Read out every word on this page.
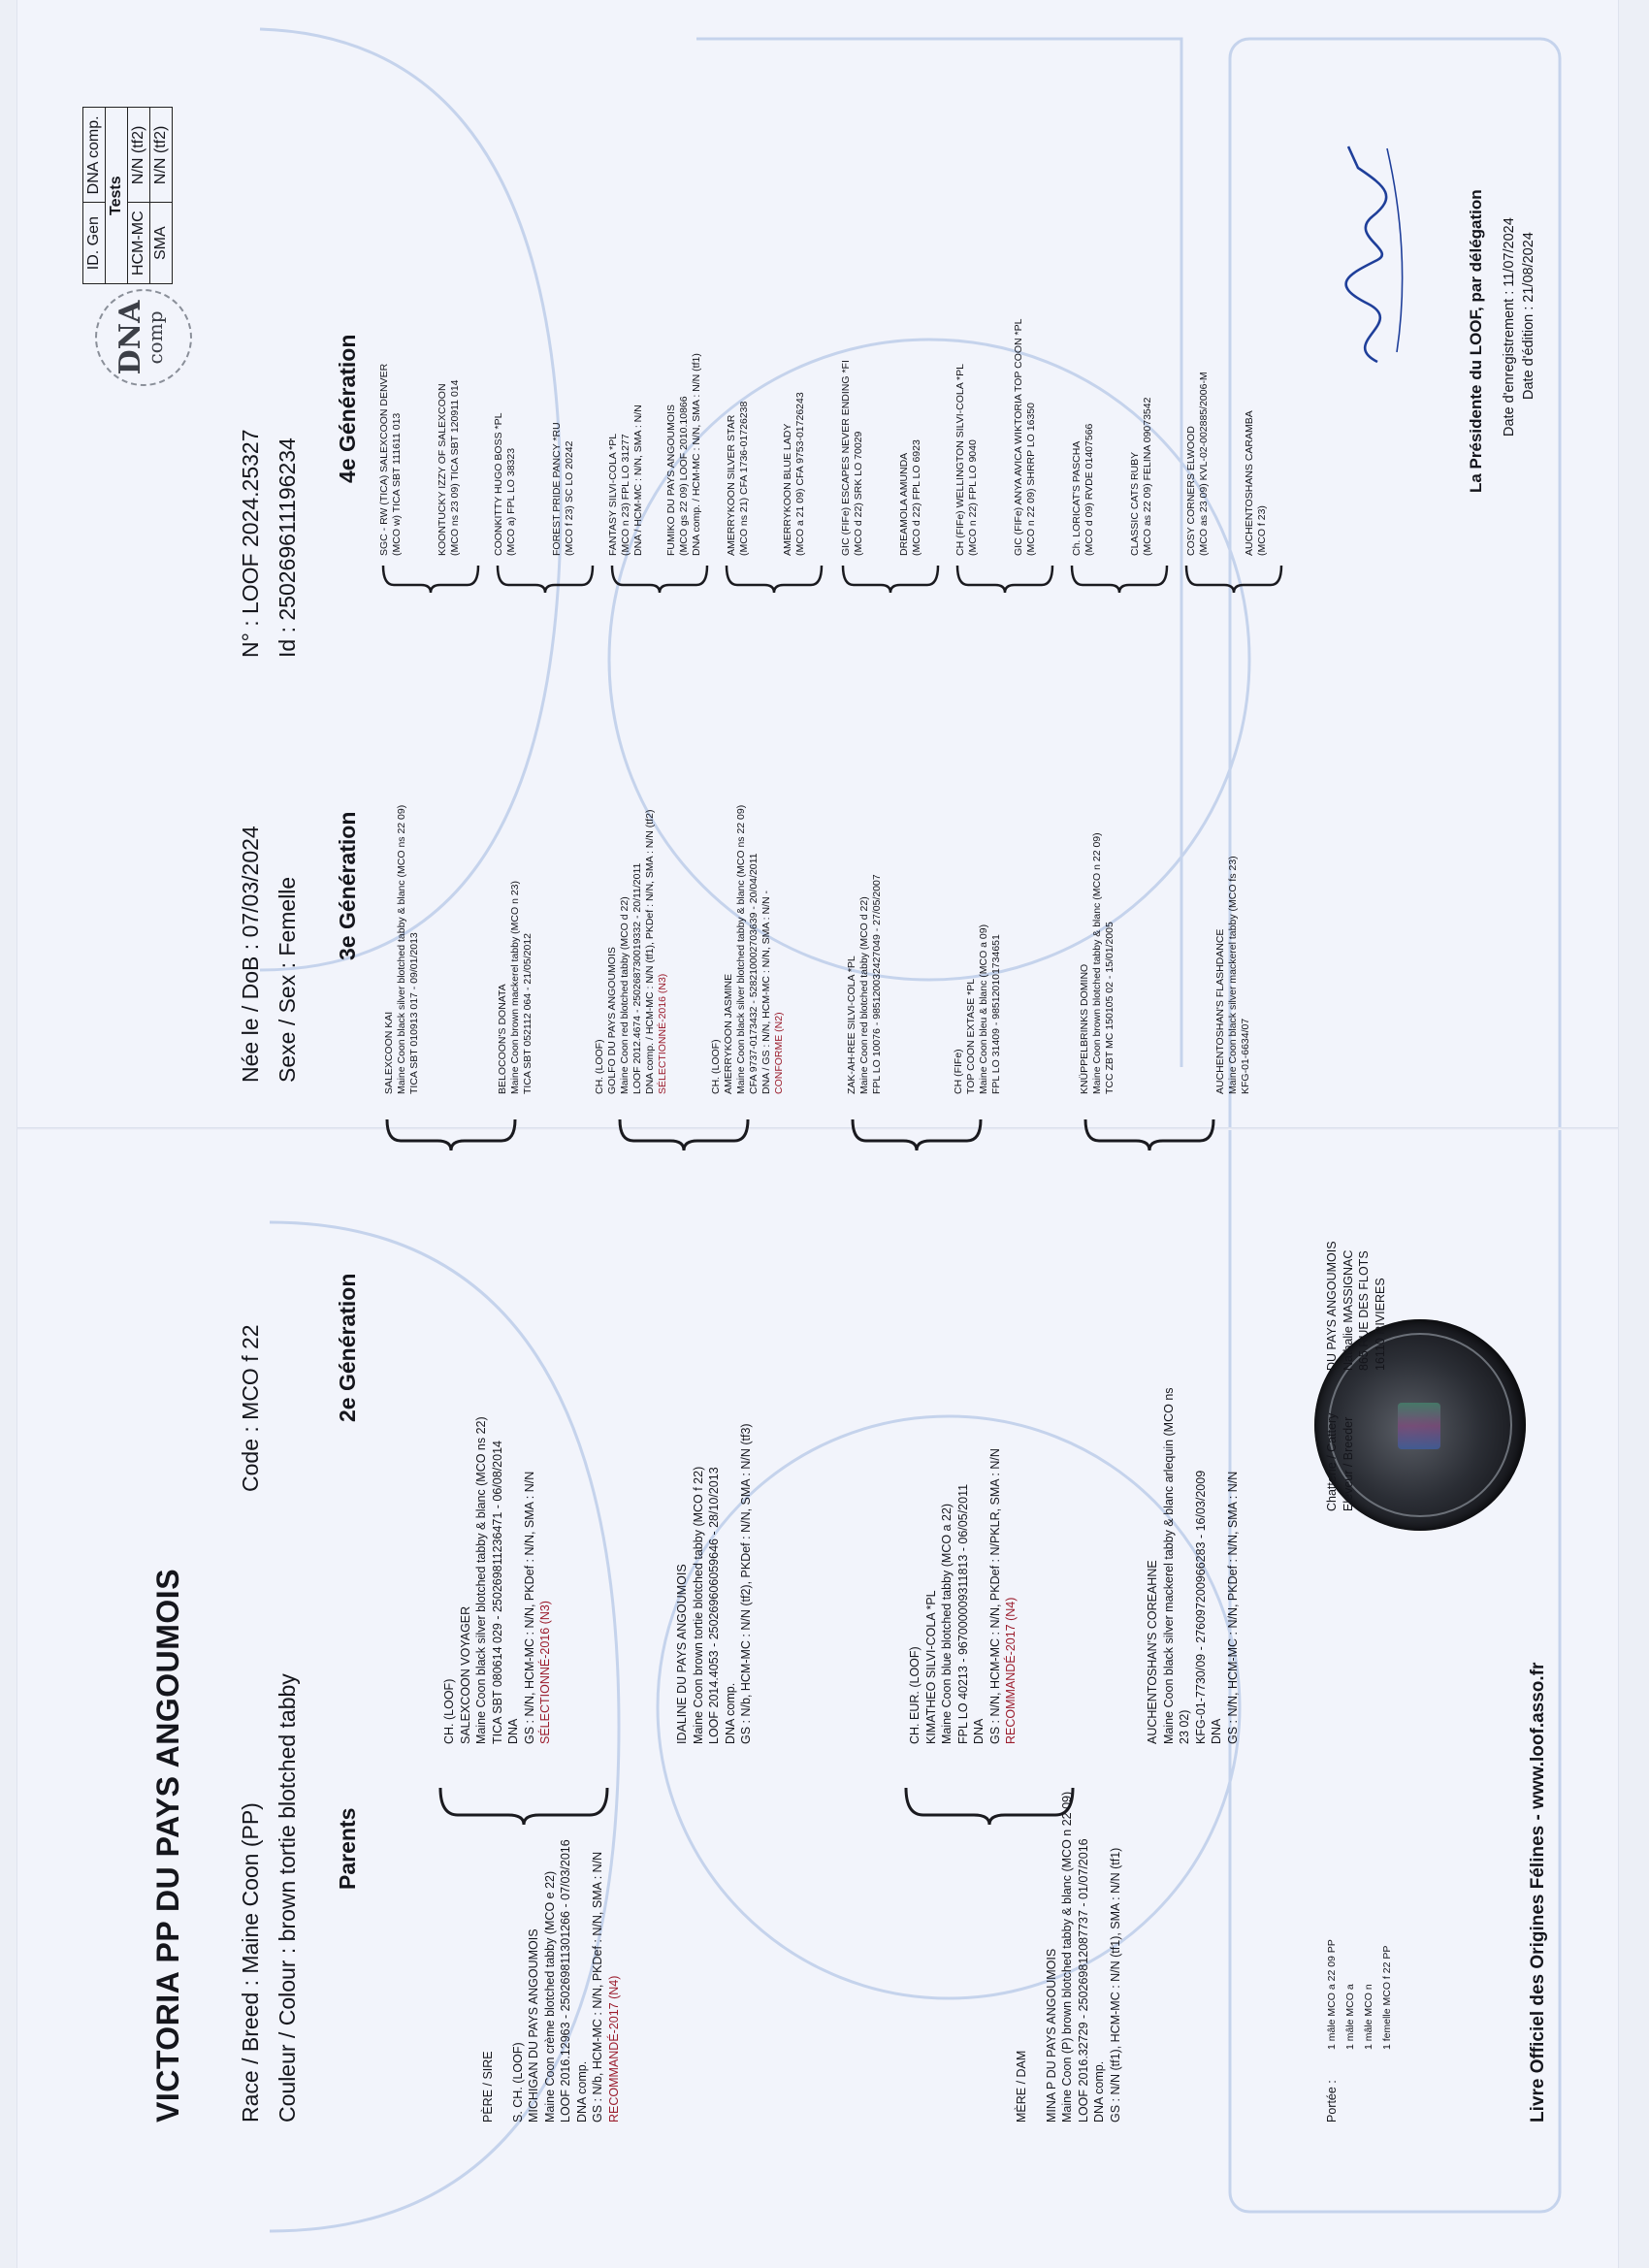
VICTORIA PP DU PAYS ANGOUMOIS Race / Breed : Maine Coon (PP)
Couleur / Colour : brown tortie blotched tabby
Code : MCO f 22
Née le / DoB : 07/03/2024
Sexe / Sex : Femelle
N° : LOOF 2024.25327
Id : 250269611196234
Parents
2e Génération
3e Génération
4e Génération
PÈRE / SIRE S. CH. (LOOF) MICHIGAN DU PAYS ANGOUMOIS Maine Coon crème blotched tabby (MCO e 22) LOOF 2016.12963 - 250269811301266 - 07/03/2016 DNA comp. GS : N/b, HCM-MC : N/N, PKDef : N/N, SMA : N/N RECOMMANDÉ-2017 (N4)	MÈRE / DAM MINA P DU PAYS ANGOUMOIS Maine Coon (P) brown blotched tabby & blanc (MCO n 22 09) LOOF 2016.32729 - 250269812087737 - 01/07/2016 DNA comp. GS : N/N (tf1), HCM-MC : N/N (tf1), SMA : N/N (tf1)
CH. (LOOF) SALEXCOON VOYAGER Maine Coon black silver blotched tabby & blanc (MCO ns 22) TICA SBT 080614 029 - 250269811236471 - 06/08/2014 DNA GS : N/N, HCM-MC : N/N, PKDef : N/N, SMA : N/N SÉLECTIONNÉ-2016 (N3)	IDALINE DU PAYS ANGOUMOIS Maine Coon brown tortie blotched tabby (MCO f 22) LOOF 2014.4053 - 250269606059646 - 28/10/2013 DNA comp. GS : N/b, HCM-MC : N/N (tf2), PKDef : N/N, SMA : N/N (tf3)	CH. EUR. (LOOF) KIMATHEO SILVI-COLA *PL Maine Coon blue blotched tabby (MCO a 22) FPL LO 40213 - 967000009311813 - 06/05/2011 DNA GS : N/N, HCM-MC : N/N, PKDef : N/PKLR, SMA : N/N RECOMMANDÉ-2017 (N4)	AUCHENTOSHAN'S COREAHNE Maine Coon black silver mackerel tabby & blanc arlequin (MCO ns 23 02) KFG-01-7730/09 - 276097200966283 - 16/03/2009 DNA GS : N/N, HCM-MC : N/N, PKDef : N/N, SMA : N/N
SALEXCOON KAI Maine Coon black silver blotched tabby & blanc (MCO ns 22 09) TICA SBT 010913 017 - 09/01/2013	BELOCOON'S DONATA Maine Coon brown mackerel tabby (MCO n 23) TICA SBT 052112 064 - 21/05/2012	CH. (LOOF) GOLFO DU PAYS ANGOUMOIS Maine Coon red blotched tabby (MCO d 22) LOOF 2012.4674 - 250268730019332 - 20/11/2011 DNA comp. / HCM-MC : N/N (tf1), PKDef : N/N, SMA : N/N (tf2) SÉLECTIONNÉ-2016 (N3)	CH. (LOOF) AMERRYKOON JASMINE Maine Coon black silver blotched tabby & blanc (MCO ns 22 09) CFA 9737-0173432 - 528210002703639 - 20/04/2011 DNA / GS : N/N, HCM-MC : N/N, SMA : N/N - CONFORME (N2)	ZAK-AH-REE SILVI-COLA *PL Maine Coon red blotched tabby (MCO d 22) FPL LO 10076 - 985120032427049 - 27/05/2007	CH (FIFe) TOP COON EXTASE *PL Maine Coon bleu & blanc (MCO a 09) FPL LO 31409 - 985120101734651	KNÜPPELBRINKS DOMINO Maine Coon brown blotched tabby & blanc (MCO n 22 09) TCC ZBT MC 150105 02 - 15/01/2005	AUCHENTOSHAN'S FLASHDANCE Maine Coon black silver mackerel tabby (MCO fs 23) KFG-01-6634/07
SGC - RW (TICA) SALEXCOON DENVER (MCO w) TICA SBT 111611 013	KOONTUCKY IZZY OF SALEXCOON (MCO ns 23 09) TICA SBT 120911 014	COONKITTY HUGO BOSS *PL (MCO a) FPL LO 38323	FOREST PRIDE PANCY *RU (MCO f 23) SC LO 20242	FANTASY SILVI-COLA *PL (MCO n 23) FPL LO 31277 DNA / HCM-MC : N/N, SMA : N/N FUMIKO DU PAYS ANGOUMOIS (MCO gs 22 09) LOOF 2010.10866 DNA comp. / HCM-MC : N/N, SMA : N/N (tf1) AMERRYKOON SILVER STAR (MCO ns 21) CFA 1736-01726238	AMERRYKOON BLUE LADY (MCO a 21 09) CFA 9753-01726243	GIC (FIFe) ESCAPES NEVER ENDING *FI (MCO d 22) SRK LO 70029	DREAMOLA AMUNDA (MCO d 22) FPL LO 6923	CH (FIFe) WELLINGTON SILVI-COLA *PL (MCO n 22) FPL LO 9040	GIC (FIFe) ANYA AVICA WIKTORIA TOP COON *PL (MCO n 22 09) SHRRP LO 16350	Ch. LORICAT'S PASCHA (MCO d 09) RVDE 01407566	CLASSIC CATS RUBY (MCO as 22 09) FELINA 09073542	COSY CORNERS ELWOOD (MCO as 23 09) KVL-02-002885/2006-M	AUCHENTOSHANS CARAMBA (MCO f 23)
DNA
comp
ID. Gen	DNA comp.
Tests	
HCM-MC	N/N (tf2)
SMA	N/N (tf2)
Chatterie / Cattery Eleveur / Breeder
DU PAYS ANGOUMOIS Nathalie MASSIGNAC 865 RUE DES FLOTS 16110 RIVIERES
Portée :
1 mâle MCO a 22 09 PP 1 mâle MCO a 1 mâle MCO n 1 femelle MCO f 22 PP	Livre Officiel des Origines Félines - www.loof.asso.fr
La Présidente du LOOF, par délégation Date d'enregistrement : 11/07/2024 Date d'édition : 21/08/2024
